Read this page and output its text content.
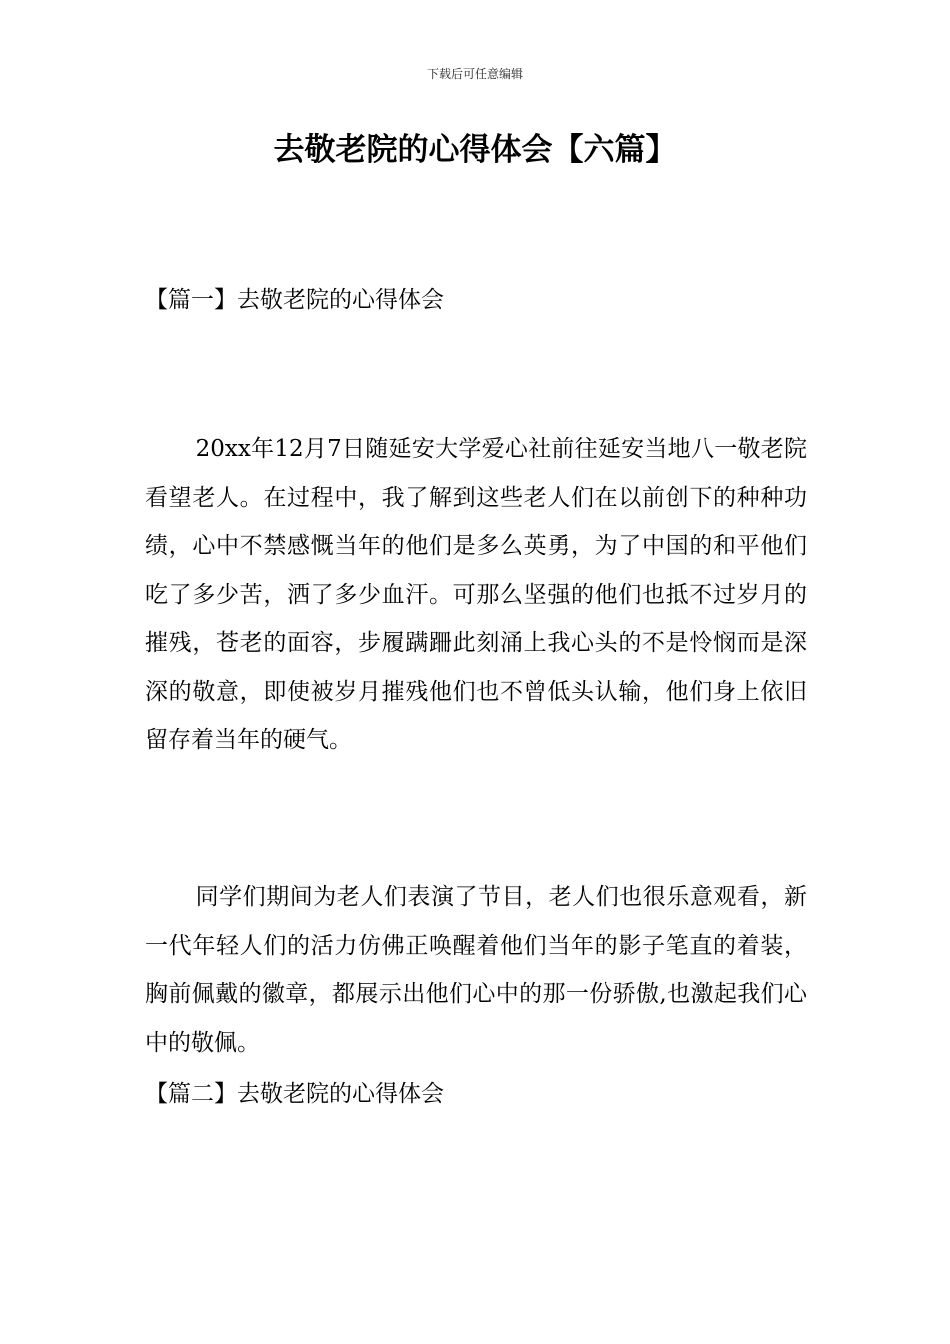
下载后可任意编辑
去敬老院的心得体会【六篇】
【篇一】去敬老院的心得体会

20xx年12月7日随延安大学爱心社前往延安当地八一敬老院看望老人。在过程中，我了解到这些老人们在以前创下的种种功绩，心中不禁感慨当年的他们是多么英勇，为了中国的和平他们吃了多少苦，洒了多少血汗。可那么坚强的他们也抵不过岁月的摧残，苍老的面容，步履蹒跚此刻涌上我心头的不是怜悯而是深深的敬意，即使被岁月摧残他们也不曾低头认输，他们身上依旧留存着当年的硬气。

同学们期间为老人们表演了节目，老人们也很乐意观看，新一代年轻人们的活力仿佛正唤醒着他们当年的影子笔直的着装，胸前佩戴的徽章，都展示出他们心中的那一份骄傲,也激起我们心中的敬佩。

【篇二】去敬老院的心得体会
